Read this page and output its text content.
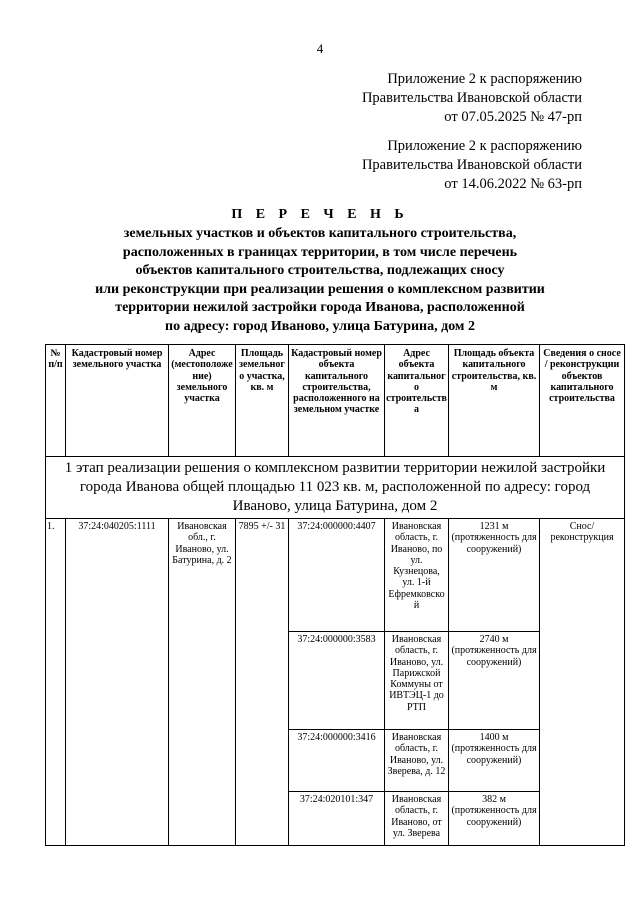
4
Приложение 2 к распоряжению
Правительства Ивановской области
от 07.05.2025 № 47-рп
Приложение 2 к распоряжению
Правительства Ивановской области
от 14.06.2022 № 63-рп
П Е Р Е Ч Е Н Ь
земельных участков и объектов капитального строительства,
расположенных в границах территории, в том числе перечень
объектов капитального строительства, подлежащих сносу
или реконструкции при реализации решения о комплексном развитии
территории нежилой застройки города Иванова, расположенной
по адресу: город Иваново, улица Батурина, дом 2
№ п/п	Кадастровый номер земельного участка	Адрес (местоположение) земельного участка	Площадь земельного участка, кв. м	Кадастровый номер объекта капитального строительства, расположенного на земельном участке	Адрес объекта капитального строительства	Площадь объекта капитального строительства, кв. м	Сведения о сносе / реконструкции объектов капитального строительства
1 этап реализации решения о комплексном развитии территории нежилой застройки города Иванова общей площадью 11 023 кв. м, расположенной по адресу: город Иваново, улица Батурина, дом 2							
1.	37:24:040205:1111	Ивановская обл., г. Иваново, ул. Батурина, д. 2	7895 +/- 31	37:24:000000:4407	Ивановская область, г. Иваново, по ул. Кузнецова, ул. 1-й Ефремковской	1231 м (протяженность для сооружений)	Снос/ реконструкция
				37:24:000000:3583	Ивановская область, г. Иваново, ул. Парижской Коммуны от ИВТЭЦ-1 до РТП	2740 м (протяженность для сооружений)	
				37:24:000000:3416	Ивановская область, г. Иваново, ул. Зверева, д. 12	1400 м (протяженность для сооружений)	
				37:24:020101:347	Ивановская область, г. Иваново, от ул. Зверева	382 м (протяженность для сооружений)	
